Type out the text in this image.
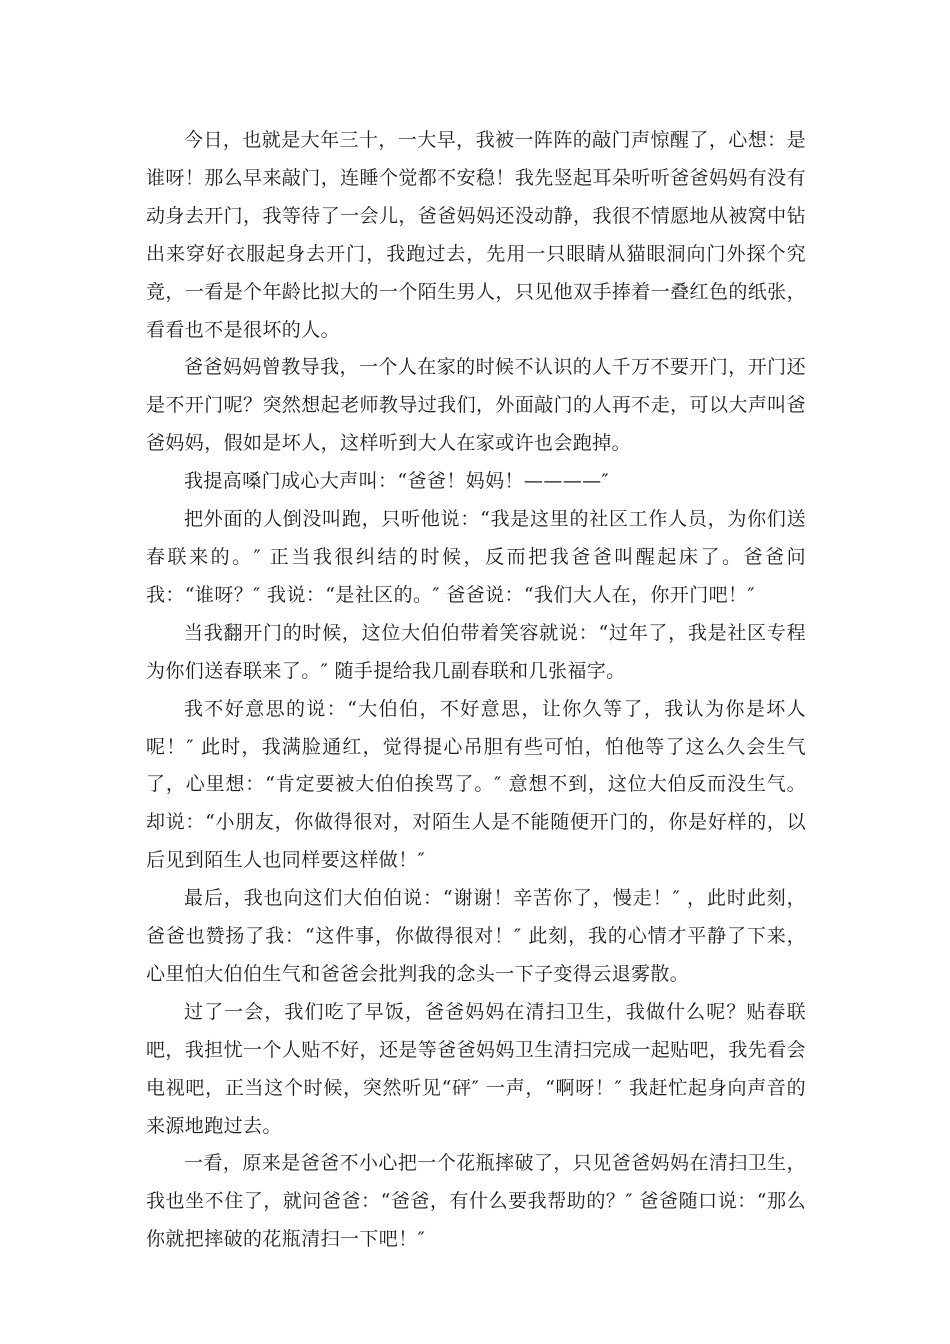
今日，也就是大年三十，一大早，我被一阵阵的敲门声惊醒了，心想：是谁呀！那么早来敲门，连睡个觉都不安稳！我先竖起耳朵听听爸爸妈妈有没有动身去开门，我等待了一会儿，爸爸妈妈还没动静，我很不情愿地从被窝中钻出来穿好衣服起身去开门，我跑过去，先用一只眼睛从猫眼洞向门外探个究竟，一看是个年龄比拟大的一个陌生男人，只见他双手捧着一叠红色的纸张，看看也不是很坏的人。

爸爸妈妈曾教导我，一个人在家的时候不认识的人千万不要开门，开门还是不开门呢？突然想起老师教导过我们，外面敲门的人再不走，可以大声叫爸爸妈妈，假如是坏人，这样听到大人在家或许也会跑掉。

我提高嗓门成心大声叫：“爸爸！妈妈！————″

把外面的人倒没叫跑，只听他说：“我是这里的社区工作人员，为你们送春联来的。″ 正当我很纠结的时候，反而把我爸爸叫醒起床了。爸爸问我：“谁呀？″ 我说：“是社区的。″ 爸爸说：“我们大人在，你开门吧！″

当我翻开门的时候，这位大伯伯带着笑容就说：“过年了，我是社区专程为你们送春联来了。″ 随手提给我几副春联和几张福字。

我不好意思的说：“大伯伯，不好意思，让你久等了，我认为你是坏人呢！″ 此时，我满脸通红，觉得提心吊胆有些可怕，怕他等了这么久会生气了，心里想：“肯定要被大伯伯挨骂了。″ 意想不到，这位大伯反而没生气。却说：“小朋友，你做得很对，对陌生人是不能随便开门的，你是好样的，以后见到陌生人也同样要这样做！″

最后，我也向这们大伯伯说：“谢谢！辛苦你了，慢走！″ ，此时此刻，爸爸也赞扬了我：“这件事，你做得很对！″ 此刻，我的心情才平静了下来，心里怕大伯伯生气和爸爸会批判我的念头一下子变得云退雾散。

过了一会，我们吃了早饭，爸爸妈妈在清扫卫生，我做什么呢？贴春联吧，我担忧一个人贴不好，还是等爸爸妈妈卫生清扫完成一起贴吧，我先看会电视吧，正当这个时候，突然听见“砰″ 一声，“啊呀！″ 我赶忙起身向声音的来源地跑过去。

一看，原来是爸爸不小心把一个花瓶摔破了，只见爸爸妈妈在清扫卫生，我也坐不住了，就问爸爸：“爸爸，有什么要我帮助的？″ 爸爸随口说：“那么你就把摔破的花瓶清扫一下吧！″
